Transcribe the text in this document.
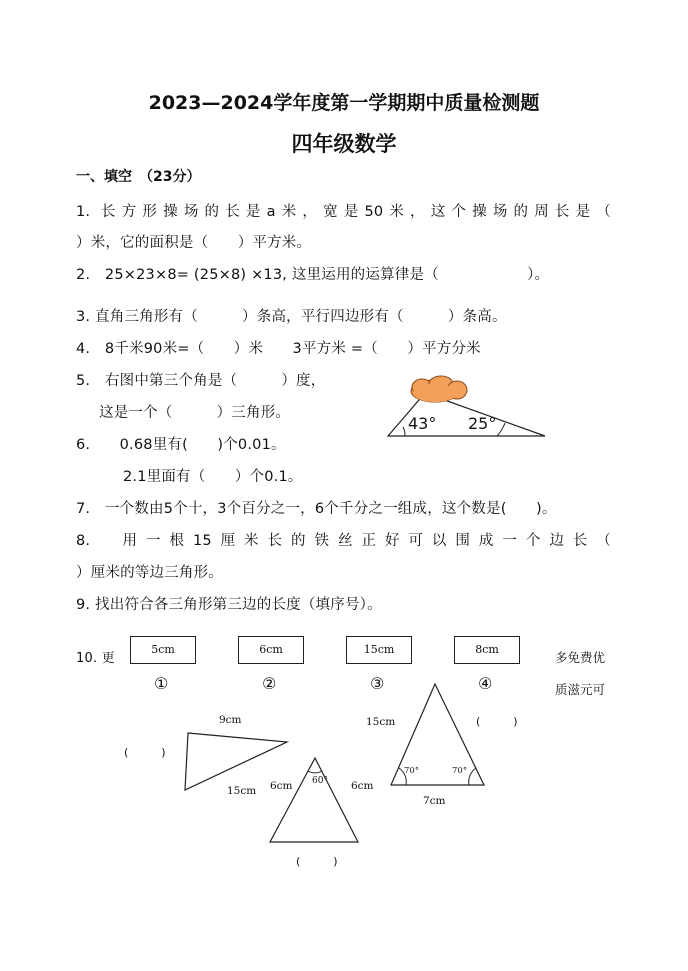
2023—2024学年度第一学期期中质量检测题
四年级数学
一、填空　（23分）
1. 长方形操场的长是a米，宽是50米，这个操场的周长是（
）米，它的面积是（　　）平方米。
2.　25×23×8= (25×8) ×13, 这里运用的运算律是（　　　　　　）。
3. 直角三角形有（　　　）条高，平行四边形有（　　　）条高。
4.　8千米90米=（　　）米　　3平方米 =（　　）平方分米
5.　右图中第三个角是（　　　）度，
这是一个（　　　）三角形。
43° 25°
6.　　0.68里有(　　)个0.01。
2.1里面有（　　）个0.1。
7.　一个数由5个十，3个百分之一，6个千分之一组成，这个数是(　　)。
8.　用一根15厘米长的铁丝正好可以围成一个边长（
）厘米的等边三角形。
9. 找出符合各三角形第三边的长度（填序号）。
10. 更
5cm	6cm	15cm	8cm
①	②	③	④
多免费优
质滋元可
9cm
15cm
(　　　)
60°
6cm	6cm
(　　　)
70°	70°
15cm
7cm
(　　　)
